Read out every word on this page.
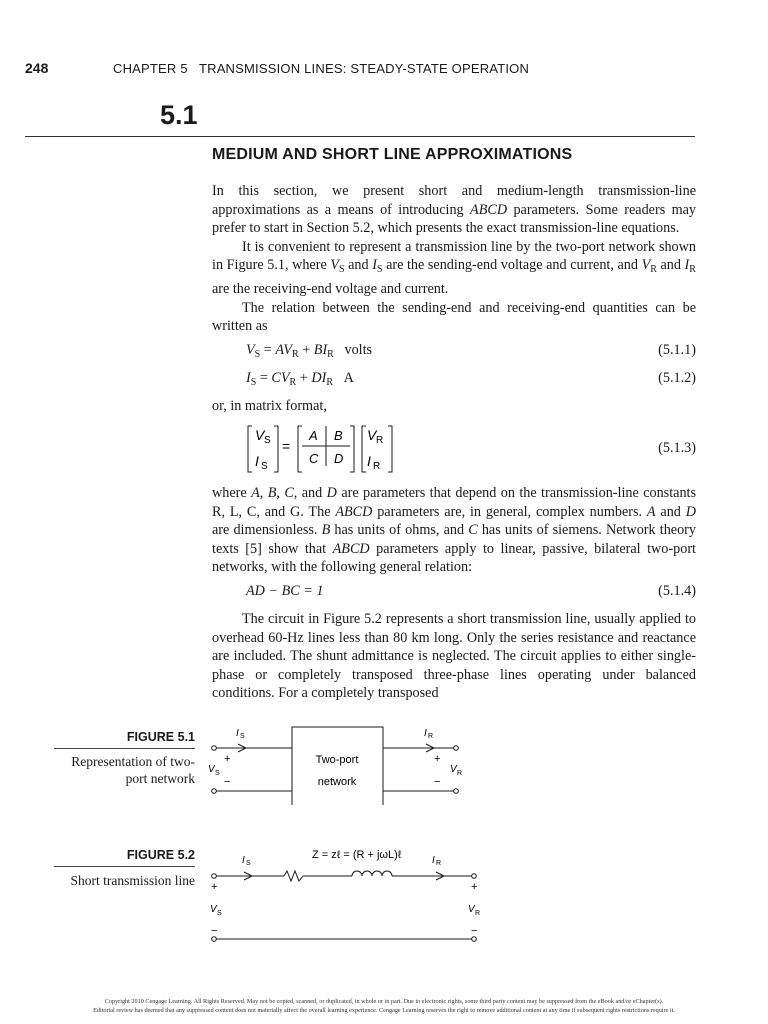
248	CHAPTER 5   TRANSMISSION LINES: STEADY-STATE OPERATION
5.1
MEDIUM AND SHORT LINE APPROXIMATIONS

In this section, we present short and medium-length transmission-line approximations as a means of introducing ABCD parameters. Some readers may prefer to start in Section 5.2, which presents the exact transmission-line equations.

It is convenient to represent a transmission line by the two-port network shown in Figure 5.1, where $V_S$ and $I_S$ are the sending-end voltage and current, and $V_R$ and $I_R$ are the receiving-end voltage and current.

The relation between the sending-end and receiving-end quantities can be written as

$V_S = AV_R + BI_R$ volts	(5.1.1)
$I_S = CV_R + DI_R$ A	(5.1.2)
or, in matrix format,
V S
I S
=
A B
C D
V R
I R
(5.1.3)

where A, B, C, and D are parameters that depend on the transmission-line constants R, L, C, and G. The ABCD parameters are, in general, complex numbers. A and D are dimensionless. B has units of ohms, and C has units of siemens. Network theory texts [5] show that ABCD parameters apply to linear, passive, bilateral two-port networks, with the following general relation:

AD − BC = 1	(5.1.4)

The circuit in Figure 5.2 represents a short transmission line, usually applied to overhead 60-Hz lines less than 80 km long. Only the series resistance and reactance are included. The shunt admittance is neglected. The circuit applies to either single-phase or completely transposed three-phase lines operating under balanced conditions. For a completely transposed

FIGURE 5.1
Representation of two-
port network
I S	I R
+	+
V S	V R
−	−
Two-port
network
FIGURE 5.2
Short transmission line
Z = zℓ = (R + jωL)ℓ
I S	I R
+	+
V S	V R
−	−
Copyright 2010 Cengage Learning. All Rights Reserved. May not be copied, scanned, or duplicated, in whole or in part. Due to electronic rights, some third party content may be suppressed from the eBook and/or eChapter(s).
Editorial review has deemed that any suppressed content does not materially affect the overall learning experience. Cengage Learning reserves the right to remove additional content at any time if subsequent rights restrictions require it.
